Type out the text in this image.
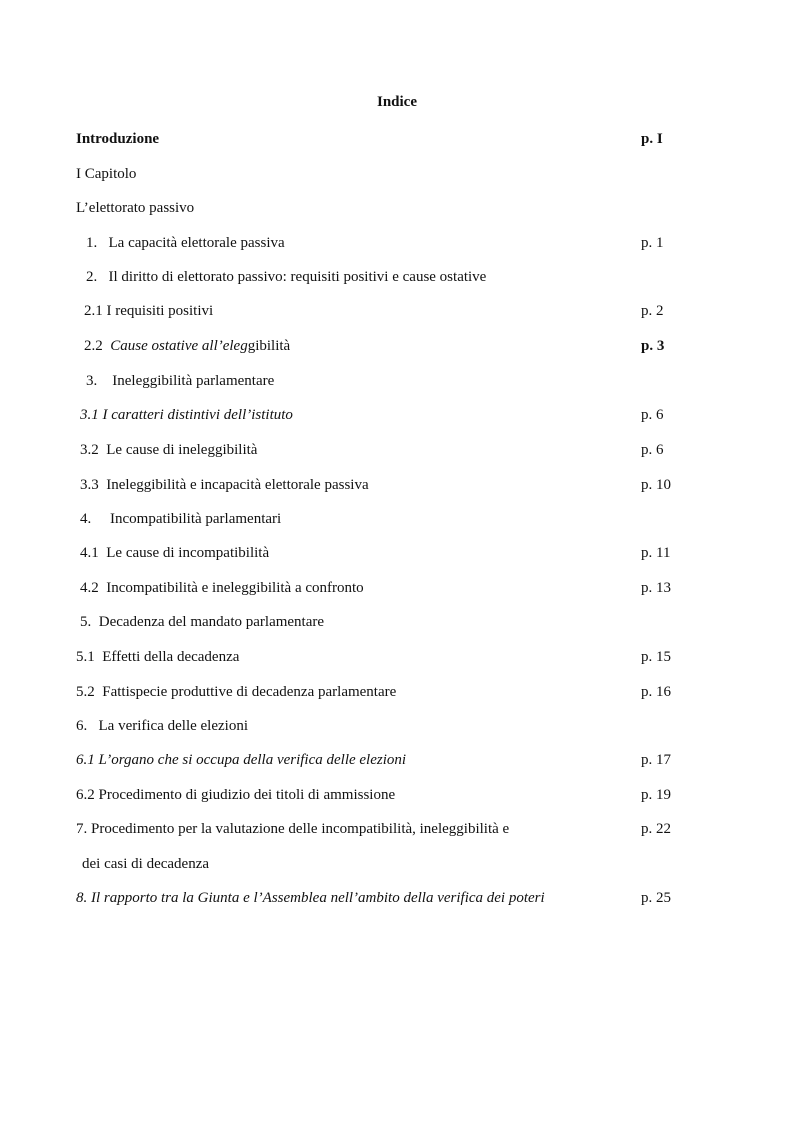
Indice
Introduzione	p. I
I Capitolo
L’elettorato passivo
1.   La capacità elettorale passiva	p. 1
2.   Il diritto di elettorato passivo: requisiti positivi e cause ostative
2.1 I requisiti positivi	p. 2
2.2 Cause ostative all’eleggibilità	p. 3
3.    Ineleggibilità parlamentare
3.1 I caratteri distintivi dell’istituto	p. 6
3.2  Le cause di ineleggibilità	p. 6
3.3  Ineleggibilità e incapacità elettorale passiva	p. 10
4.     Incompatibilità parlamentari
4.1  Le cause di incompatibilità	p. 11
4.2  Incompatibilità e ineleggibilità a confronto	p. 13
5.  Decadenza del mandato parlamentare
5.1  Effetti della decadenza	p. 15
5.2  Fattispecie produttive di decadenza parlamentare	p. 16
6.   La verifica delle elezioni
6.1 L’organo che si occupa della verifica delle elezioni	p. 17
6.2 Procedimento di giudizio dei titoli di ammissione	p. 19
7. Procedimento per la valutazione delle incompatibilità, ineleggibilità e	p. 22
dei casi di decadenza
8. Il rapporto tra la Giunta e l’Assemblea nell’ambito della verifica dei poteri	p. 25
